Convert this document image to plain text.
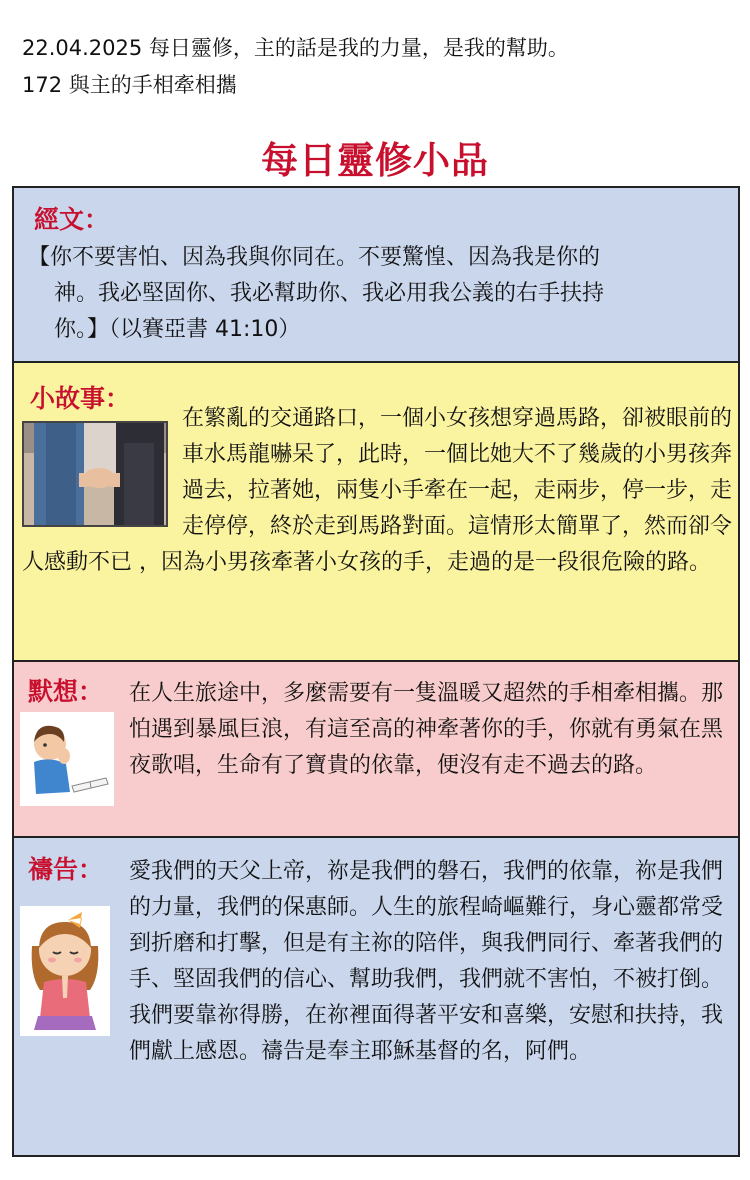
22.04.2025 每日靈修，主的話是我的力量，是我的幫助。
172 與主的手相牽相攜
每日靈修小品
經文：
【你不要害怕、因為我與你同在。不要驚惶、因為我是你的
神。我必堅固你、我必幫助你、我必用我公義的右手扶持
你。】（以賽亞書 41:10）
小故事：
在繁亂的交通路口，一個小女孩想穿過馬路，卻被眼前的車水馬龍嚇呆了，此時，一個比她大不了幾歲的小男孩奔過去，拉著她，兩隻小手牽在一起，走兩步，停一步，走走停停，終於走到馬路對面。這情形太簡單了，然而卻令人感動不已 ，因為小男孩牽著小女孩的手，走過的是一段很危險的路。
默想： 在人生旅途中，多麼需要有一隻溫暖又超然的手相牽相攜。那怕遇到暴風巨浪，有這至高的神牽著你的手，你就有勇氣在黑夜歌唱，生命有了寶貴的依靠，便沒有走不過去的路。
禱告： 愛我們的天父上帝，祢是我們的磐石，我們的依靠，祢是我們的力量，我們的保惠師。人生的旅程崎嶇難行，身心靈都常受到折磨和打擊，但是有主祢的陪伴，與我們同行、牽著我們的手、堅固我們的信心、幫助我們，我們就不害怕，不被打倒。我們要靠祢得勝，在祢裡面得著平安和喜樂，安慰和扶持，我們獻上感恩。禱告是奉主耶穌基督的名，阿們。
